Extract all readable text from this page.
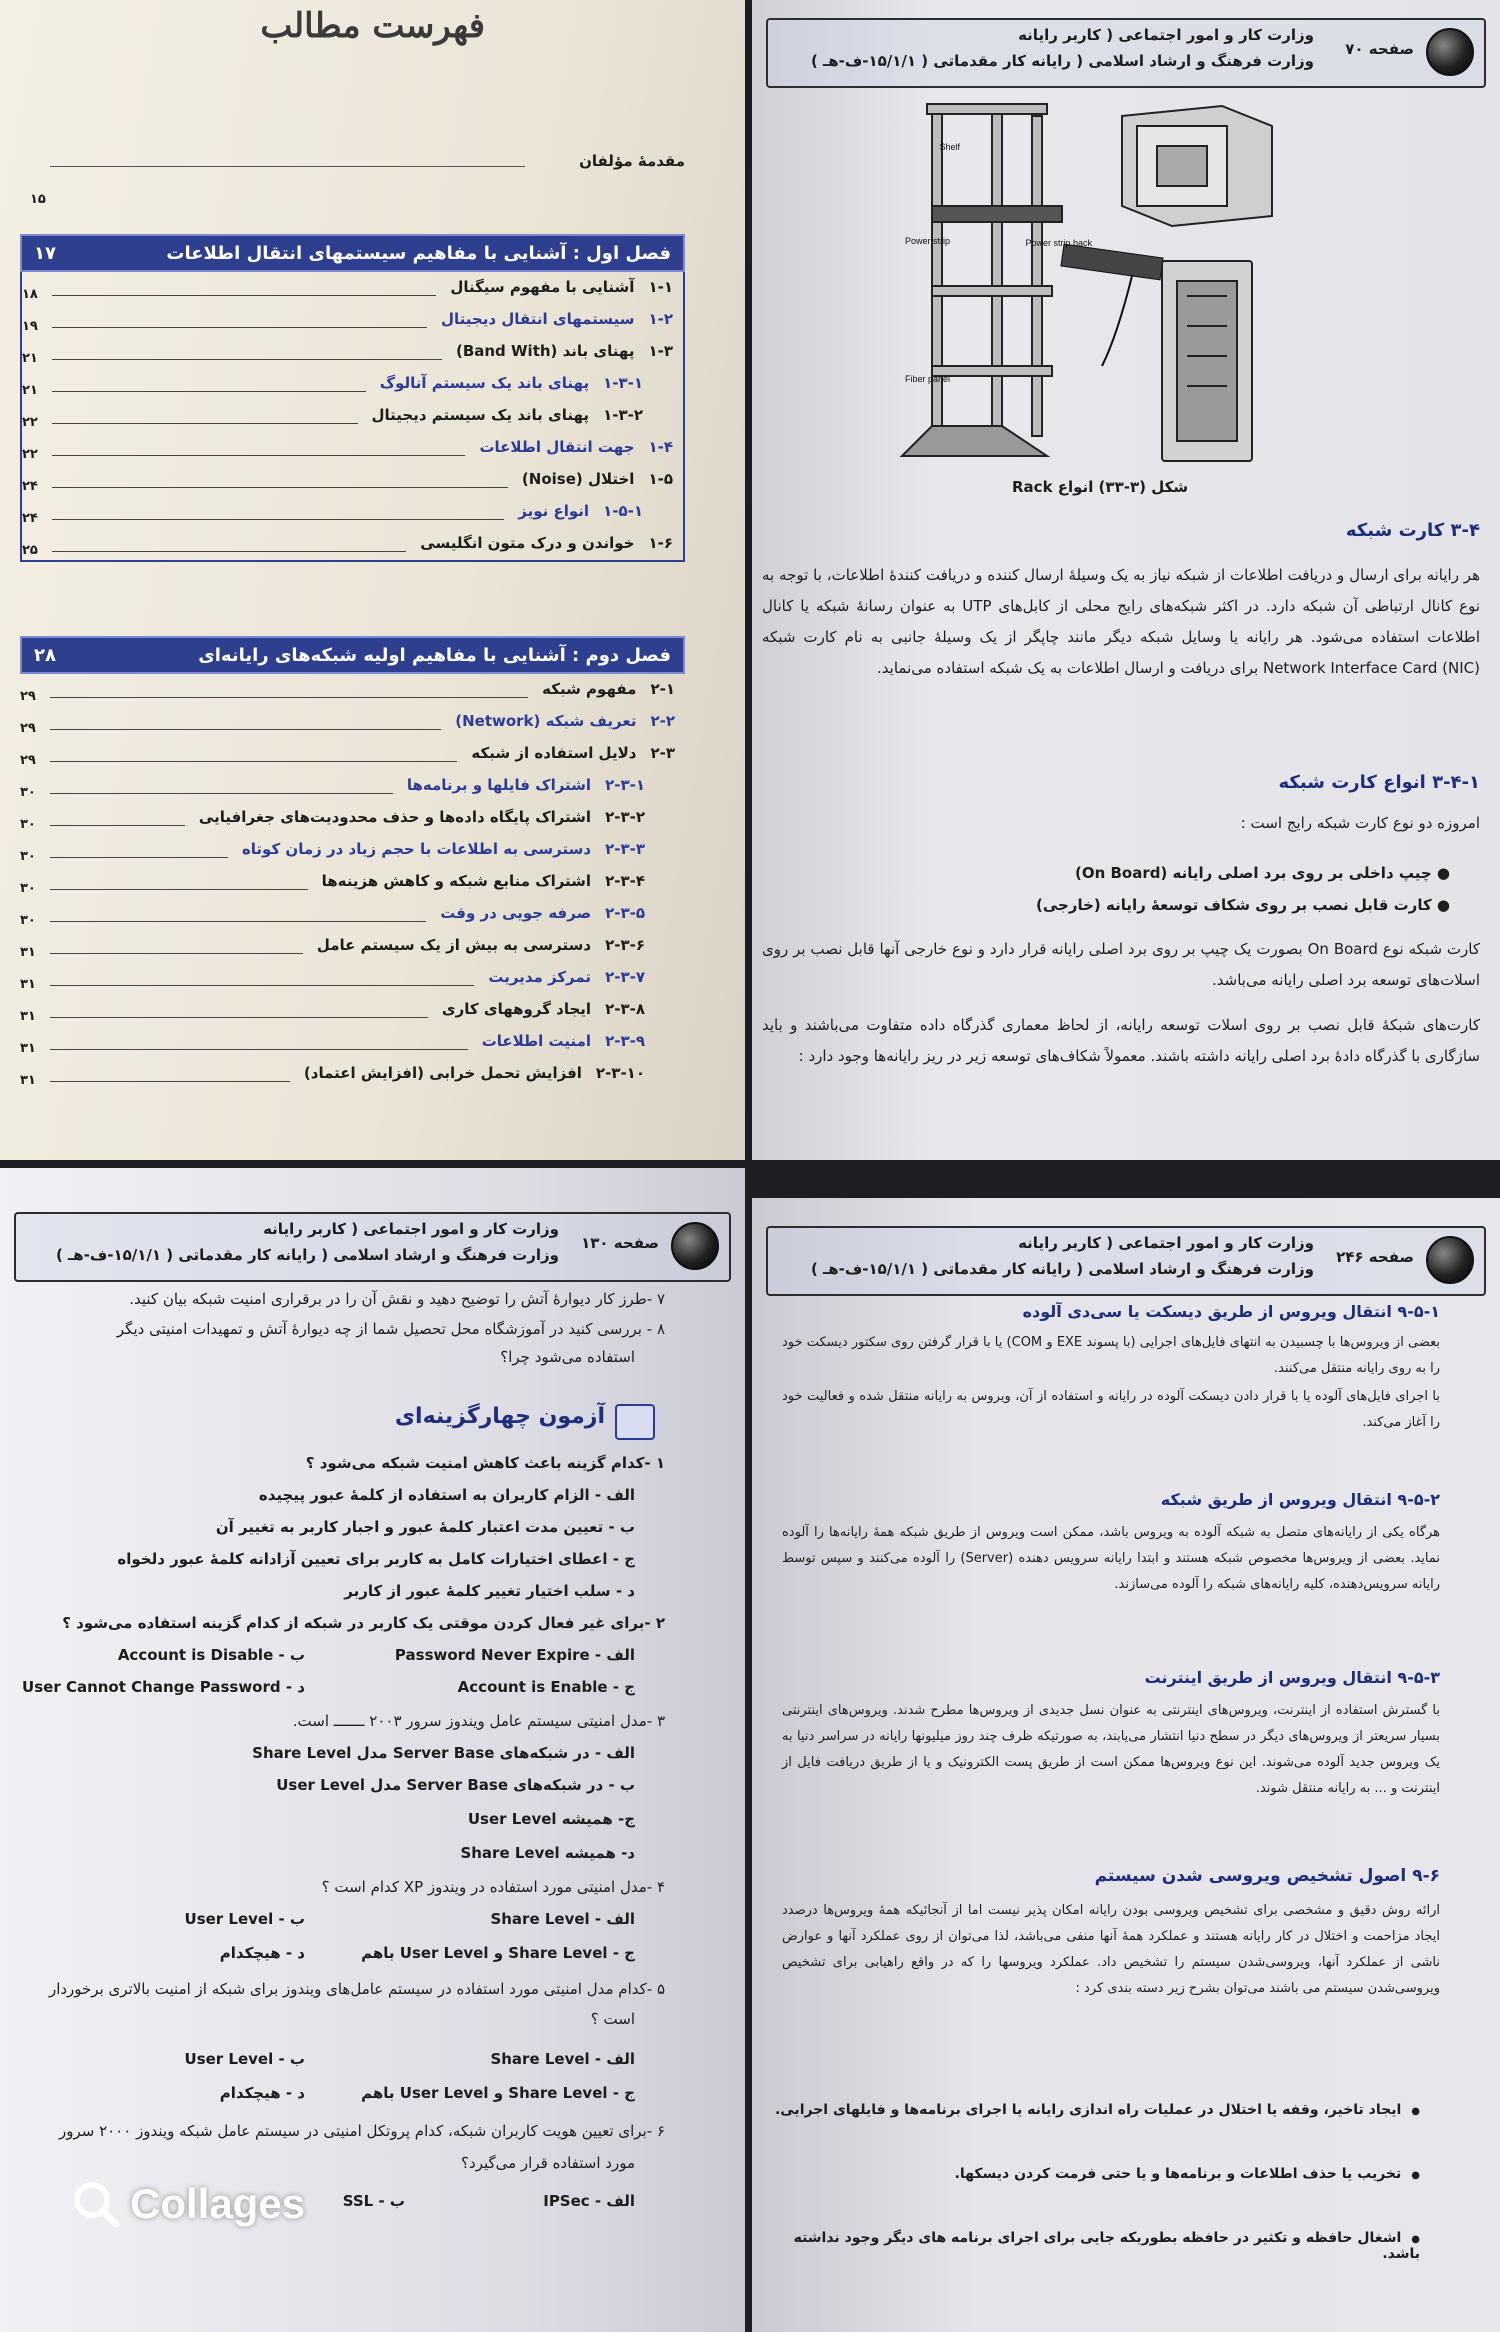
فهرست مطالب
مقدمهٔ مؤلفان
۱۵
فصل اول : آشنایی با مفاهیم سیستمهای انتقال اطلاعات
۱۷
۱-۱آشنایی با مفهوم سیگنال
۱۸
۱-۲سیستمهای انتقال دیجیتال
۱۹
۱-۳پهنای باند (Band With)
۲۱
۱-۳-۱پهنای باند یک سیستم آنالوگ
۲۱
۱-۳-۲پهنای باند یک سیستم دیجیتال
۲۲
۱-۴جهت انتقال اطلاعات
۲۲
۱-۵اختلال (Noise)
۲۴
۱-۵-۱انواع نویز
۲۴
۱-۶خواندن و درک متون انگلیسی
۲۵
فصل دوم : آشنایی با مفاهیم اولیه شبکه‌های رایانه‌ای
۲۸
۲-۱مفهوم شبکه
۲۹
۲-۲تعریف شبکه (Network)
۲۹
۲-۳دلایل استفاده از شبکه
۲۹
۲-۳-۱اشتراک فایلها و برنامه‌ها
۳۰
۲-۳-۲اشتراک پایگاه داده‌ها و حذف محدودیت‌های جغرافیایی
۳۰
۲-۳-۳دسترسی به اطلاعات با حجم زیاد در زمان کوتاه
۳۰
۲-۳-۴اشتراک منابع شبکه و کاهش هزینه‌ها
۳۰
۲-۳-۵صرفه جویی در وقت
۳۰
۲-۳-۶دسترسی به بیش از یک سیستم عامل
۳۱
۲-۳-۷تمرکز مدیریت
۳۱
۲-۳-۸ایجاد گروههای کاری
۳۱
۲-۳-۹امنیت اطلاعات
۳۱
۲-۳-۱۰افزایش تحمل خرابی (افزایش اعتماد)
۳۱
صفحه ۷۰
وزارت کار و امور اجتماعی ( کاربر رایانه
وزارت فرهنگ و ارشاد اسلامی ( رایانه کار مقدماتی ( ۱۵/۱/۱-ف-هـ )
Shelf
Power strip	Power strip back
Fiber panel
شکل (۳-۳۳) انواع Rack
۳-۴ کارت شبکه
هر رایانه برای ارسال و دریافت اطلاعات از شبکه نیاز به یک وسیلهٔ ارسال کننده و دریافت کنندهٔ اطلاعات، با توجه به نوع کانال ارتباطی آن شبکه دارد. در اکثر شبکه‌های رایج محلی از کابل‌های UTP به عنوان رسانهٔ شبکه یا کانال اطلاعات استفاده می‌شود. هر رایانه یا وسایل شبکه دیگر مانند چاپگر از یک وسیلهٔ جانبی به نام کارت شبکه Network Interface Card (NIC) برای دریافت و ارسال اطلاعات به یک شبکه استفاده می‌نماید.
۳-۴-۱ انواع کارت شبکه
امروزه دو نوع کارت شبکه رایج است :
● چیپ داخلی بر روی برد اصلی رایانه (On Board)
● کارت قابل نصب بر روی شکاف توسعهٔ رایانه (خارجی)
کارت شبکه نوع On Board بصورت یک چیپ بر روی برد اصلی رایانه قرار دارد و نوع خارجی آنها قابل نصب بر روی اسلات‌های توسعه برد اصلی رایانه می‌باشد.
کارت‌های شبکهٔ قابل نصب بر روی اسلات توسعه رایانه، از لحاظ معماری گذرگاه داده متفاوت می‌باشند و باید سازگاری با گذرگاه دادهٔ برد اصلی رایانه داشته باشند. معمولاً شکاف‌های توسعه زیر در ریز رایانه‌ها وجود دارد :
صفحه ۱۳۰
وزارت کار و امور اجتماعی ( کاربر رایانه
وزارت فرهنگ و ارشاد اسلامی ( رایانه کار مقدماتی ( ۱۵/۱/۱-ف-هـ )
۷ -طرز کار دیوارهٔ آتش را توضیح دهید و نقش آن را در برقراری امنیت شبکه بیان کنید.
۸ - بررسی کنید در آموزشگاه محل تحصیل شما از چه دیوارهٔ آتش و تمهیدات امنیتی دیگر
استفاده می‌شود چرا؟
آزمون چهارگزینه‌ای
۱ -کدام گزینه باعث کاهش امنیت شبکه می‌شود ؟
الف - الزام کاربران به استفاده از کلمهٔ عبور پیچیده
ب - تعیین مدت اعتبار کلمهٔ عبور و اجبار کاربر به تغییر آن
ج - اعطای اختیارات کامل به کاربر برای تعیین آزادانه کلمهٔ عبور دلخواه
د - سلب اختیار تغییر کلمهٔ عبور از کاربر
۲ -برای غیر فعال کردن موقتی یک کاربر در شبکه از کدام گزینه استفاده می‌شود ؟
الف - Password Never Expire
ب - Account is Disable
ج - Account is Enable
د - User Cannot Change Password
۳ -مدل امنیتی سیستم عامل ویندوز سرور ۲۰۰۳ ـــــــ است.
الف - در شبکه‌های Server Base مدل Share Level
ب - در شبکه‌های Server Base مدل User Level
ج- همیشه User Level
د- همیشه Share Level
۴ -مدل امنیتی مورد استفاده در ویندوز XP کدام است ؟
الف - Share Level
ب - User Level
ج - Share Level و User Level باهم
د - هیچکدام
۵ -کدام مدل امنیتی مورد استفاده در سیستم عامل‌های ویندوز برای شبکه از امنیت بالاتری برخوردار
است ؟
الف - Share Level
ب - User Level
ج - Share Level و User Level باهم
د - هیچکدام
۶ -برای تعیین هویت کاربران شبکه، کدام پروتکل امنیتی در سیستم عامل شبکه ویندوز ۲۰۰۰ سرور
مورد استفاده قرار می‌گیرد؟
الف - IPSec
ب - SSL
صفحه ۲۴۶
وزارت کار و امور اجتماعی ( کاربر رایانه
وزارت فرهنگ و ارشاد اسلامی ( رایانه کار مقدماتی ( ۱۵/۱/۱-ف-هـ )
۹-۵-۱ انتقال ویروس از طریق دیسکت یا سی‌دی آلوده
بعضی از ویروس‌ها با چسبیدن به انتهای فایل‌های اجرایی (با پسوند EXE و COM) یا با قرار گرفتن روی سکتور دیسکت خود را به روی رایانه منتقل می‌کنند.
با اجرای فایل‌های آلوده یا با قرار دادن دیسکت آلوده در رایانه و استفاده از آن، ویروس به رایانه منتقل شده و فعالیت خود را آغاز می‌کند.
۹-۵-۲ انتقال ویروس از طریق شبکه
هرگاه یکی از رایانه‌های متصل به شبکه آلوده به ویروس باشد، ممکن است ویروس از طریق شبکه همهٔ رایانه‌ها را آلوده نماید. بعضی از ویروس‌ها مخصوص شبکه هستند و ابتدا رایانه سرویس دهنده (Server) را آلوده می‌کنند و سپس توسط رایانه سرویس‌دهنده، کلیه رایانه‌های شبکه را آلوده می‌سازند.
۹-۵-۳ انتقال ویروس از طریق اینترنت
با گسترش استفاده از اینترنت، ویروس‌های اینترنتی به عنوان نسل جدیدی از ویروس‌ها مطرح شدند. ویروس‌های اینترنتی بسیار سریعتر از ویروس‌های دیگر در سطح دنیا انتشار می‌یابند، به صورتیکه ظرف چند روز میلیونها رایانه در سراسر دنیا به یک ویروس جدید آلوده می‌شوند. این نوع ویروس‌ها ممکن است از طریق پست الکترونیک و یا از طریق دریافت فایل از اینترنت و ... به رایانه منتقل شوند.
۹-۶ اصول تشخیص ویروسی شدن سیستم
ارائه روش دقیق و مشخصی برای تشخیص ویروسی بودن رایانه امکان پذیر نیست اما از آنجائیکه همهٔ ویروس‌ها درصدد ایجاد مزاحمت و اختلال در کار رایانه هستند و عملکرد همهٔ آنها منفی می‌باشد، لذا می‌توان از روی عملکرد آنها و عوارض ناشی از عملکرد آنها، ویروسی‌شدن سیستم را تشخیص داد. عملکرد ویروسها را که در واقع راهیابی برای تشخیص ویروسی‌شدن سیستم می باشند می‌توان بشرح زیر دسته بندی کرد :
● ایجاد تاخیر، وقفه یا اختلال در عملیات راه اندازی رایانه یا اجرای برنامه‌ها و فایلهای اجرایی.
● تخریب یا حذف اطلاعات و برنامه‌ها و یا حتی فرمت کردن دیسکها.
● اشغال حافظه و تکثیر در حافظه بطوریکه جایی برای اجرای برنامه های دیگر وجود نداشته باشد.
Collages
